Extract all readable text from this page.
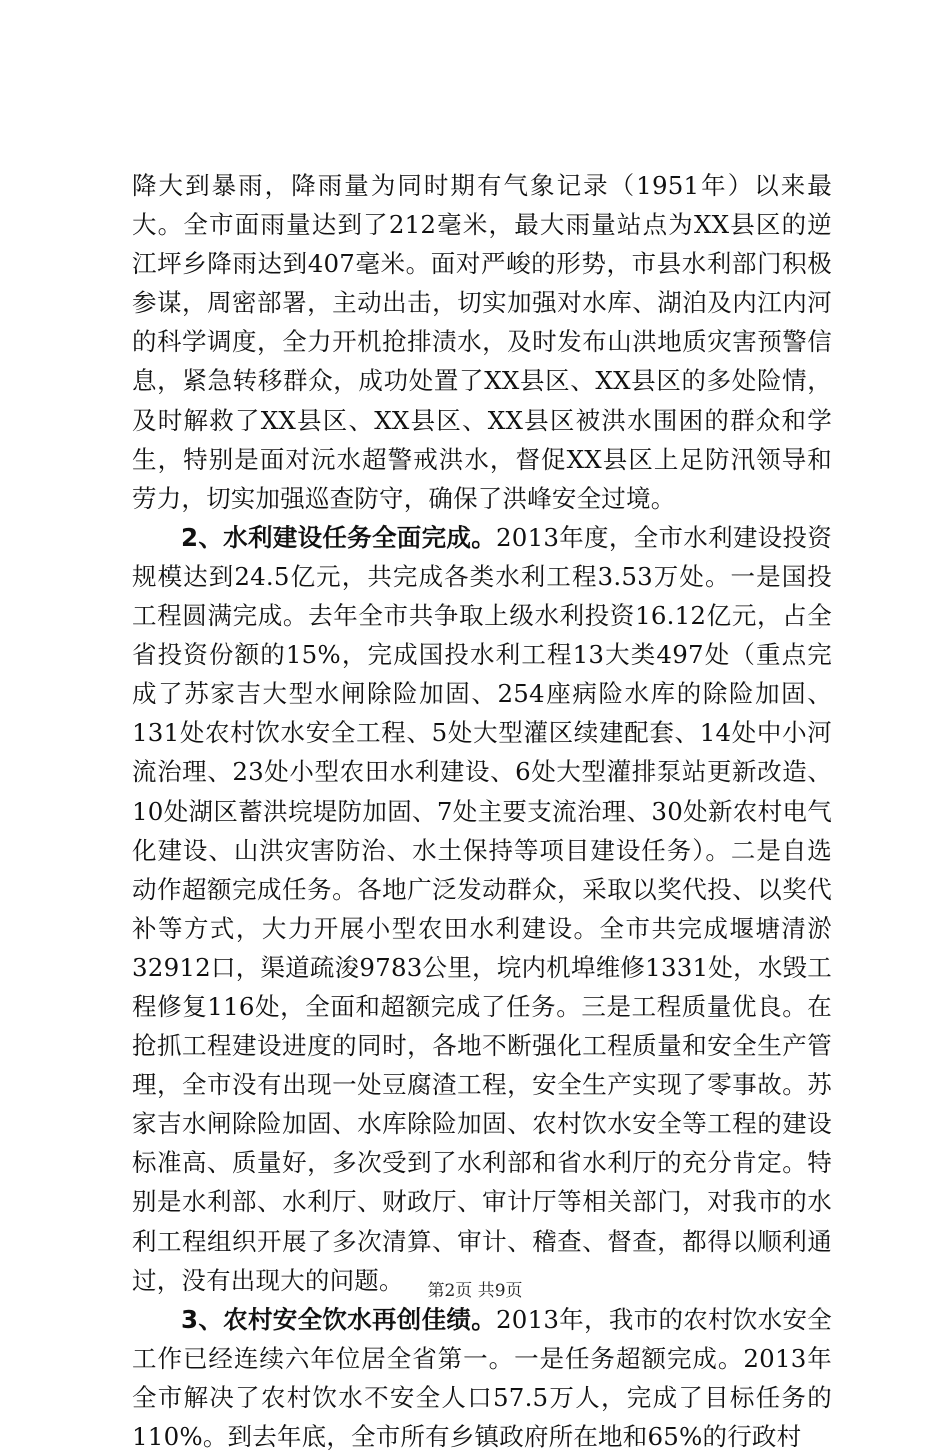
降大到暴雨，降雨量为同时期有气象记录（1951年）以来最大。全市面雨量达到了212毫米，最大雨量站点为XX县区的逆江坪乡降雨达到407毫米。面对严峻的形势，市县水利部门积极参谋，周密部署，主动出击，切实加强对水库、湖泊及内江内河的科学调度，全力开机抢排渍水，及时发布山洪地质灾害预警信息，紧急转移群众，成功处置了XX县区、XX县区的多处险情，及时解救了XX县区、XX县区、XX县区被洪水围困的群众和学生，特别是面对沅水超警戒洪水，督促XX县区上足防汛领导和劳力，切实加强巡查防守，确保了洪峰安全过境。

2、水利建设任务全面完成。2013年度，全市水利建设投资规模达到24.5亿元，共完成各类水利工程3.53万处。一是国投工程圆满完成。去年全市共争取上级水利投资16.12亿元，占全省投资份额的15%，完成国投水利工程13大类497处（重点完成了苏家吉大型水闸除险加固、254座病险水库的除险加固、131处农村饮水安全工程、5处大型灌区续建配套、14处中小河流治理、23处小型农田水利建设、6处大型灌排泵站更新改造、10处湖区蓄洪垸堤防加固、7处主要支流治理、30处新农村电气化建设、山洪灾害防治、水土保持等项目建设任务）。二是自选动作超额完成任务。各地广泛发动群众，采取以奖代投、以奖代补等方式，大力开展小型农田水利建设。全市共完成堰塘清淤32912口，渠道疏浚9783公里，垸内机埠维修1331处，水毁工程修复116处，全面和超额完成了任务。三是工程质量优良。在抢抓工程建设进度的同时，各地不断强化工程质量和安全生产管理，全市没有出现一处豆腐渣工程，安全生产实现了零事故。苏家吉水闸除险加固、水库除险加固、农村饮水安全等工程的建设标准高、质量好，多次受到了水利部和省水利厅的充分肯定。特别是水利部、水利厅、财政厅、审计厅等相关部门，对我市的水利工程组织开展了多次清算、审计、稽查、督查，都得以顺利通过，没有出现大的问题。

3、农村安全饮水再创佳绩。2013年，我市的农村饮水安全工作已经连续六年位居全省第一。一是任务超额完成。2013年全市解决了农村饮水不安全人口57.5万人，完成了目标任务的110%。到去年底，全市所有乡镇政府所在地和65%的行政村

第2页 共9页
